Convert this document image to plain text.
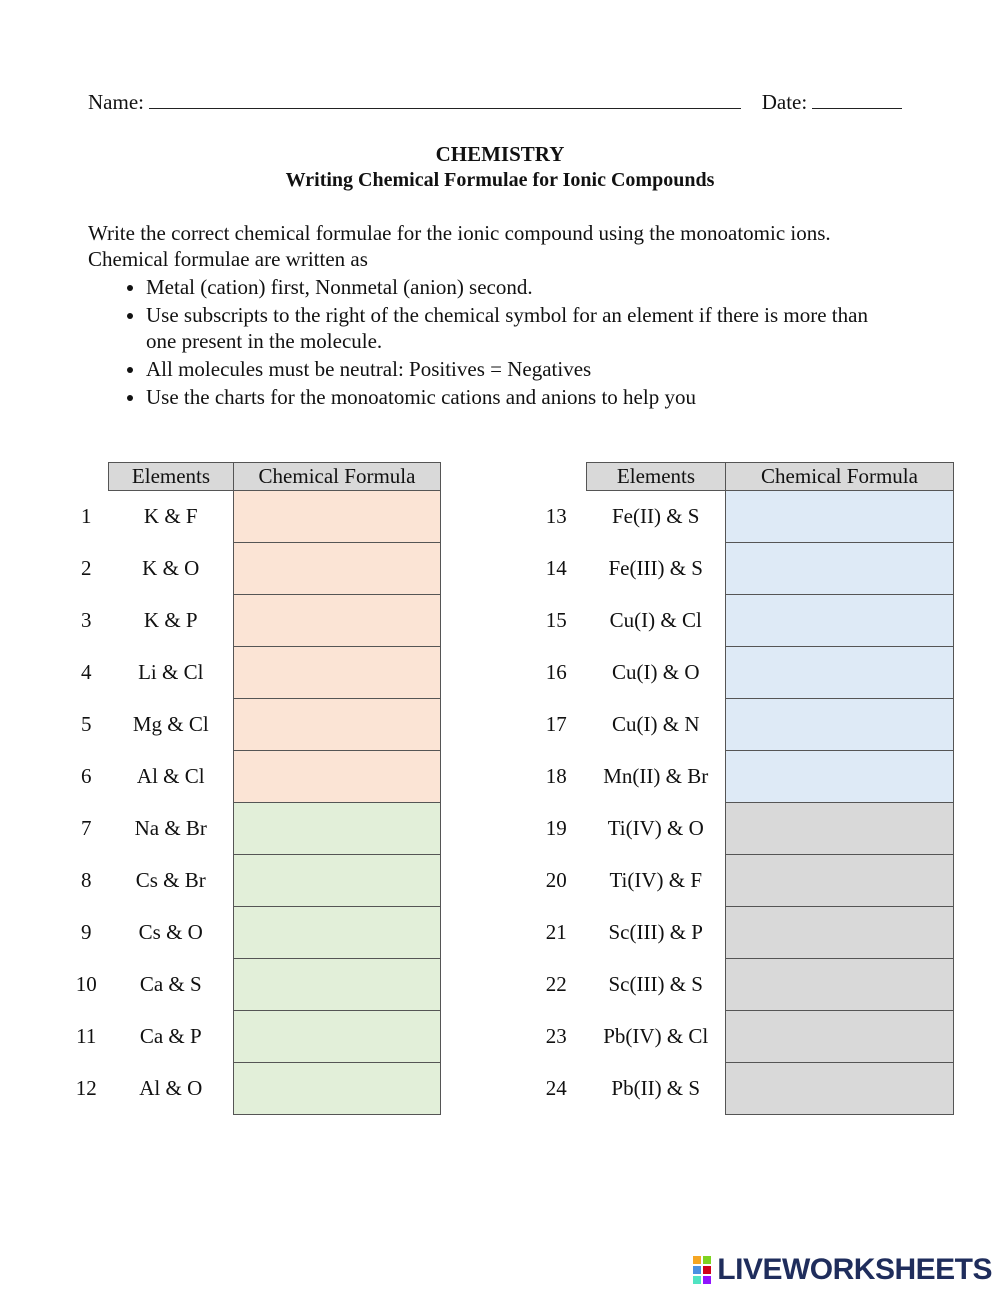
Name:	Date:
CHEMISTRY
Writing Chemical Formulae for Ionic Compounds
Write the correct chemical formulae for the ionic compound using the monoatomic ions.
Chemical formulae are written as
• Metal (cation) first, Nonmetal (anion) second.
• Use subscripts to the right of the chemical symbol for an element if there is more than one present in the molecule.
• All molecules must be neutral: Positives = Negatives
• Use the charts for the monoatomic cations and anions to help you
	Elements	Chemical Formula
1	K & F	
2	K & O	
3	K & P	
4	Li & Cl	
5	Mg & Cl	
6	Al & Cl	
7	Na & Br	
8	Cs & Br	
9	Cs & O	
10	Ca & S	
11	Ca & P	
12	Al & O	
	Elements	Chemical Formula
13	Fe(II) & S	
14	Fe(III) & S	
15	Cu(I) & Cl	
16	Cu(I) & O	
17	Cu(I) & N	
18	Mn(II) & Br	
19	Ti(IV) & O	
20	Ti(IV) & F	
21	Sc(III) & P	
22	Sc(III) & S	
23	Pb(IV) & Cl	
24	Pb(II) & S	
LIVEWORKSHEETS
